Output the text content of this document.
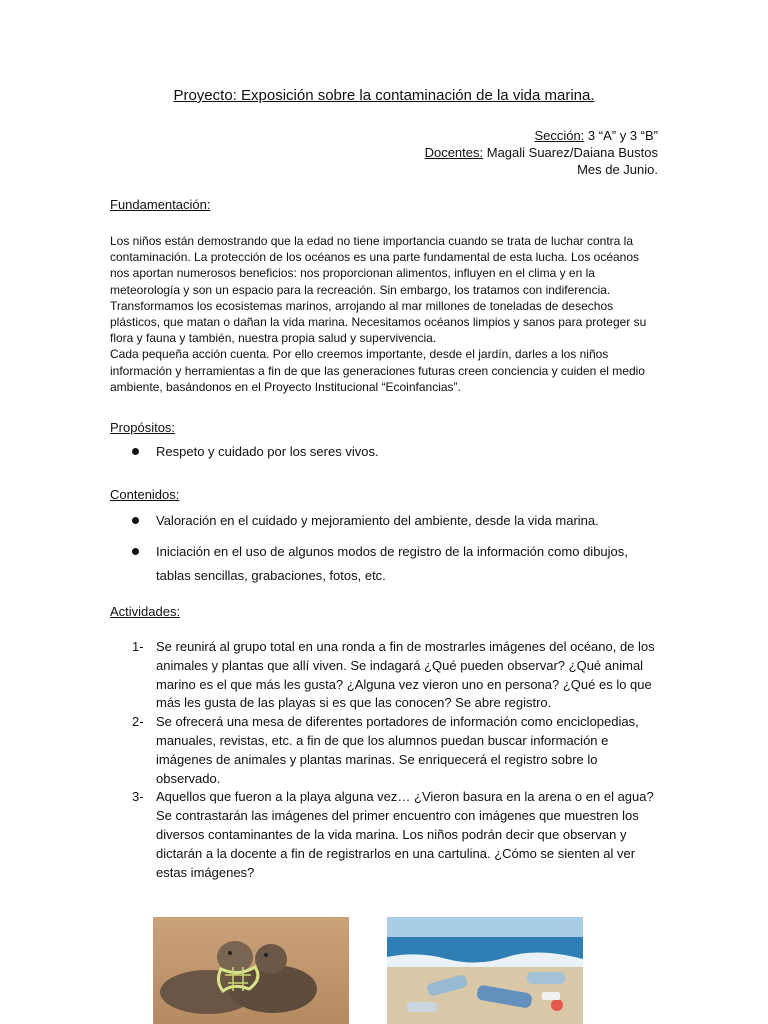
Proyecto: Exposición sobre la contaminación de la vida marina.
Sección: 3 “A” y 3 “B”
Docentes: Magali Suarez/Daiana Bustos
Mes de Junio.
Fundamentación:

Los niños están demostrando que la edad no tiene importancia cuando se trata de luchar contra la contaminación. La protección de los océanos es una parte fundamental de esta lucha. Los océanos nos aportan numerosos beneficios: nos proporcionan alimentos, influyen en el clima y en la meteorología y son un espacio para la recreación. Sin embargo, los tratamos con indiferencia. Transformamos los ecosistemas marinos, arrojando al mar millones de toneladas de desechos plásticos, que matan o dañan la vida marina. Necesitamos océanos limpios y sanos para proteger su flora y fauna y también, nuestra propia salud y supervivencia.

Cada pequeña acción cuenta. Por ello creemos importante, desde el jardín, darles a los niños información y herramientas a fin de que las generaciones futuras creen conciencia y cuiden el medio ambiente, basándonos en el Proyecto Institucional “Ecoinfancias”.

Propósitos:
Respeto y cuidado por los seres vivos.
Contenidos:
Valoración en el cuidado y mejoramiento del ambiente, desde la vida marina.
Iniciación en el uso de algunos modos de registro de la información como dibujos, tablas sencillas, grabaciones, fotos, etc.
Actividades:
1- Se reunirá al grupo total en una ronda a fin de mostrarles imágenes del océano, de los animales y plantas que allí viven. Se indagará ¿Qué pueden observar? ¿Qué animal marino es el que más les gusta? ¿Alguna vez vieron uno en persona? ¿Qué es lo que más les gusta de las playas si es que las conocen? Se abre registro.
2- Se ofrecerá una mesa de diferentes portadores de información como enciclopedias, manuales, revistas, etc. a fin de que los alumnos puedan buscar información e imágenes de animales y plantas marinas. Se enriquecerá el registro sobre lo observado.
3- Aquellos que fueron a la playa alguna vez… ¿Vieron basura en la arena o en el agua? Se contrastarán las imágenes del primer encuentro con imágenes que muestren los diversos contaminantes de la vida marina. Los niños podrán decir que observan y dictarán a la docente a fin de registrarlos en una cartulina. ¿Cómo se sienten al ver estas imágenes?
